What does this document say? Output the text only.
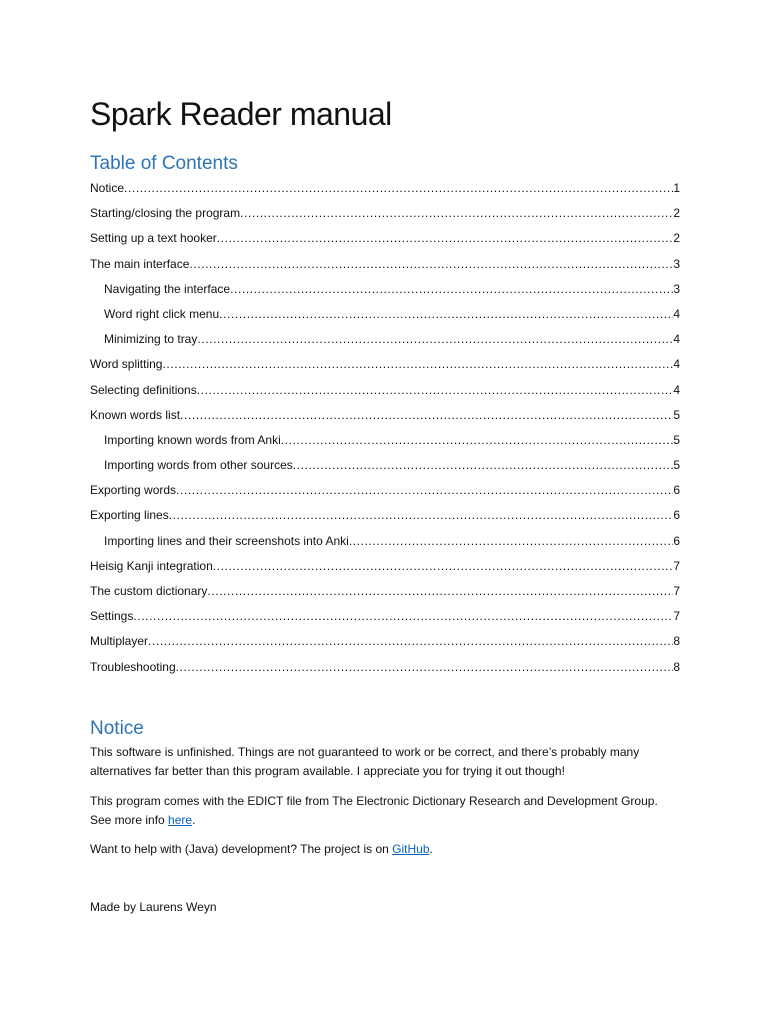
Spark Reader manual
Table of Contents
Notice .....	1
Starting/closing the program .....	2
Setting up a text hooker .....	2
The main interface .....	3
Navigating the interface .....	3
Word right click menu .....	4
Minimizing to tray .....	4
Word splitting .....	4
Selecting definitions .....	4
Known words list .....	5
Importing known words from Anki .....	5
Importing words from other sources .....	5
Exporting words .....	6
Exporting lines .....	6
Importing lines and their screenshots into Anki .....	6
Heisig Kanji integration .....	7
The custom dictionary .....	7
Settings .....	7
Multiplayer .....	8
Troubleshooting .....	8
Notice

This software is unfinished. Things are not guaranteed to work or be correct, and there’s probably many alternatives far better than this program available. I appreciate you for trying it out though!

This program comes with the EDICT file from The Electronic Dictionary Research and Development Group. See more info here.

Want to help with (Java) development? The project is on GitHub.

Made by Laurens Weyn
